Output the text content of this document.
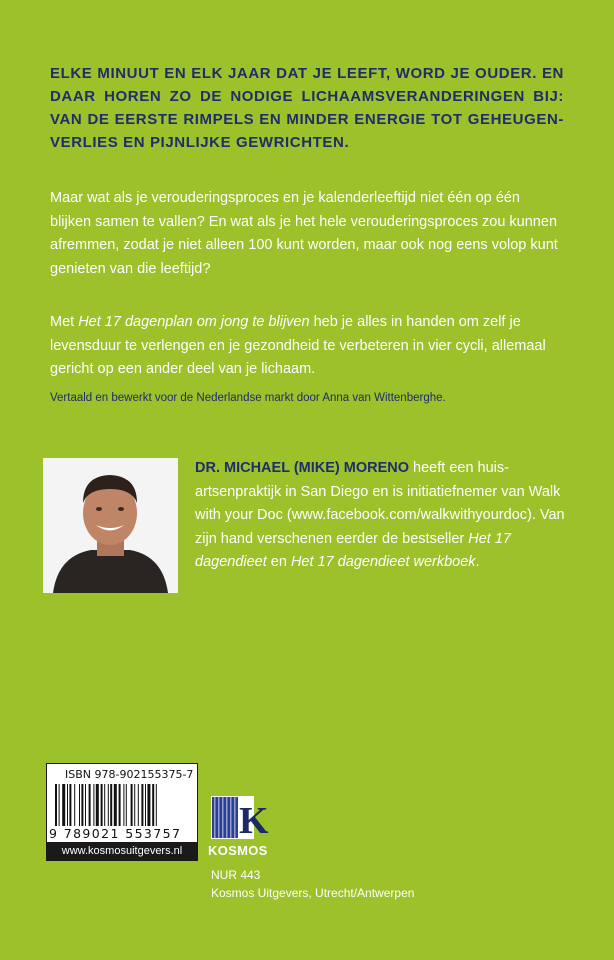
ELKE MINUUT EN ELK JAAR DAT JE LEEFT, WORD JE OUDER. EN DAAR HOREN ZO DE NODIGE LICHAAMSVERANDERINGEN BIJ: VAN DE EERSTE RIMPELS EN MINDER ENERGIE TOT GEHEUGEN-VERLIES EN PIJNLIJKE GEWRICHTEN.

Maar wat als je verouderingsproces en je kalenderleeftijd niet één op één blijken samen te vallen? En wat als je het hele verouderingsproces zou kunnen afremmen, zodat je niet alleen 100 kunt worden, maar ook nog eens volop kunt genieten van die leeftijd?

Met Het 17 dagenplan om jong te blijven heb je alles in handen om zelf je levensduur te verlengen en je gezondheid te verbeteren in vier cycli, allemaal gericht op een ander deel van je lichaam.

Vertaald en bewerkt voor de Nederlandse markt door Anna van Wittenberghe.

DR. MICHAEL (MIKE) MORENO heeft een huis-artsenpraktijk in San Diego en is initiatiefnemer van Walk with your Doc (www.facebook.com/walkwithyourdoc). Van zijn hand verschenen eerder de bestseller Het 17 dagendieet en Het 17 dagendieet werkboek.

ISBN 978-902155375-7
9 789021 553757
www.kosmosuitgevers.nl
K
KOSMOS
NUR 443
Kosmos Uitgevers, Utrecht/Antwerpen
